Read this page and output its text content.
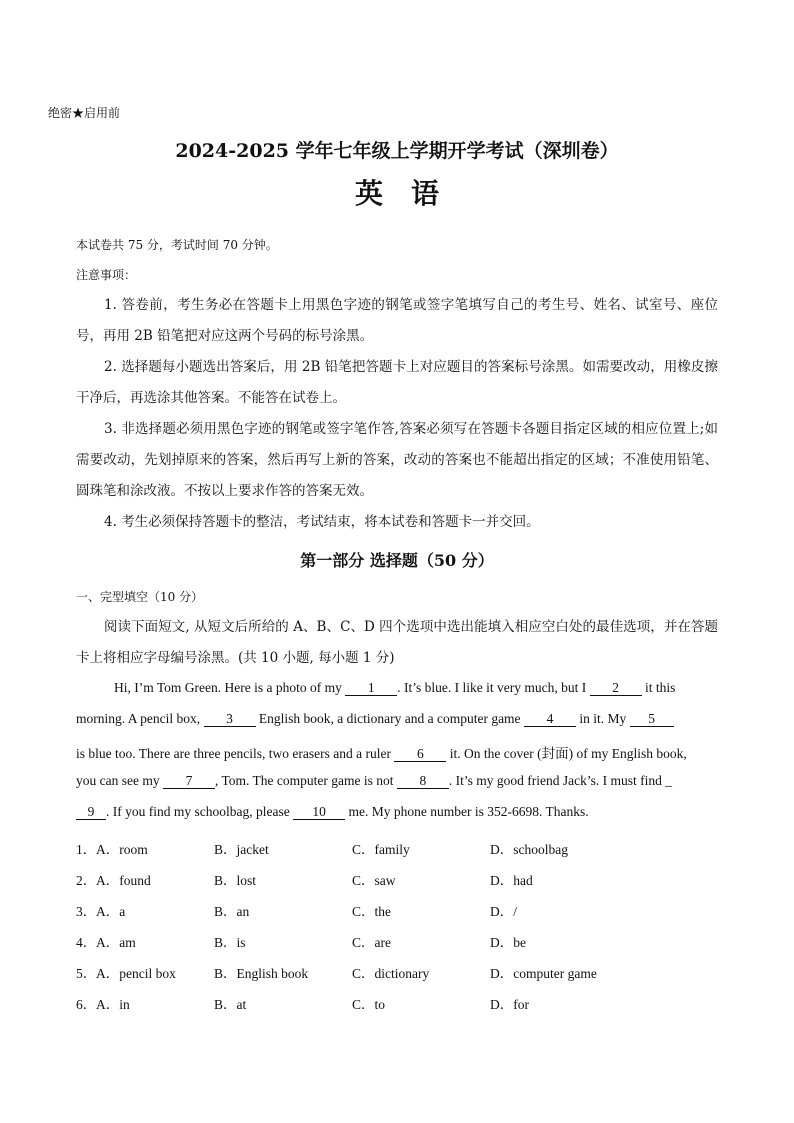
绝密★启用前
2024-2025 学年七年级上学期开学考试（深圳卷）
英语
本试卷共 75 分，考试时间 70 分钟。
注意事项：
1. 答卷前，考生务必在答题卡上用黑色字迹的钢笔或签字笔填写自己的考生号、姓名、试室号、座位号，再用 2B 铅笔把对应这两个号码的标号涂黑。
2. 选择题每小题选出答案后，用 2B 铅笔把答题卡上对应题目的答案标号涂黑。如需要改动，用橡皮擦干净后，再选涂其他答案。不能答在试卷上。
3. 非选择题必须用黑色字迹的钢笔或签字笔作答,答案必须写在答题卡各题目指定区域的相应位置上;如需要改动，先划掉原来的答案，然后再写上新的答案，改动的答案也不能超出指定的区域；不准使用铅笔、圆珠笔和涂改液。不按以上要求作答的答案无效。
4. 考生必须保持答题卡的整洁，考试结束，将本试卷和答题卡一并交回。
第一部分 选择题（50 分）
一、完型填空（10 分）
阅读下面短文, 从短文后所给的 A、B、C、D 四个选项中选出能填入相应空白处的最佳选项，并在答题卡上将相应字母编号涂黑。(共 10 小题, 每小题 1 分)
Hi, I’m Tom Green. Here is a photo of my 1 . It’s blue. I like it very much, but I 2 it this
morning. A pencil box, 3 English book, a dictionary and a computer game 4 in it. My 5
is blue too. There are three pencils, two erasers and a ruler 6 it. On the cover (封面) of my English book,
you can see my 7 , Tom. The computer game is not 8 . It’s my good friend Jack’s. I must find _
9 . If you find my schoolbag, please 10 me. My phone number is 352-6698. Thanks.
1． A．room	B．jacket	C．family	D．schoolbag
2． A．found	B．lost	C．saw	D．had
3． A．a	B．an	C．the	D．/
4． A．am	B．is	C．are	D．be
5． A．pencil box	B．English book	C．dictionary	D．computer game
6． A．in	B．at	C．to	D．for
